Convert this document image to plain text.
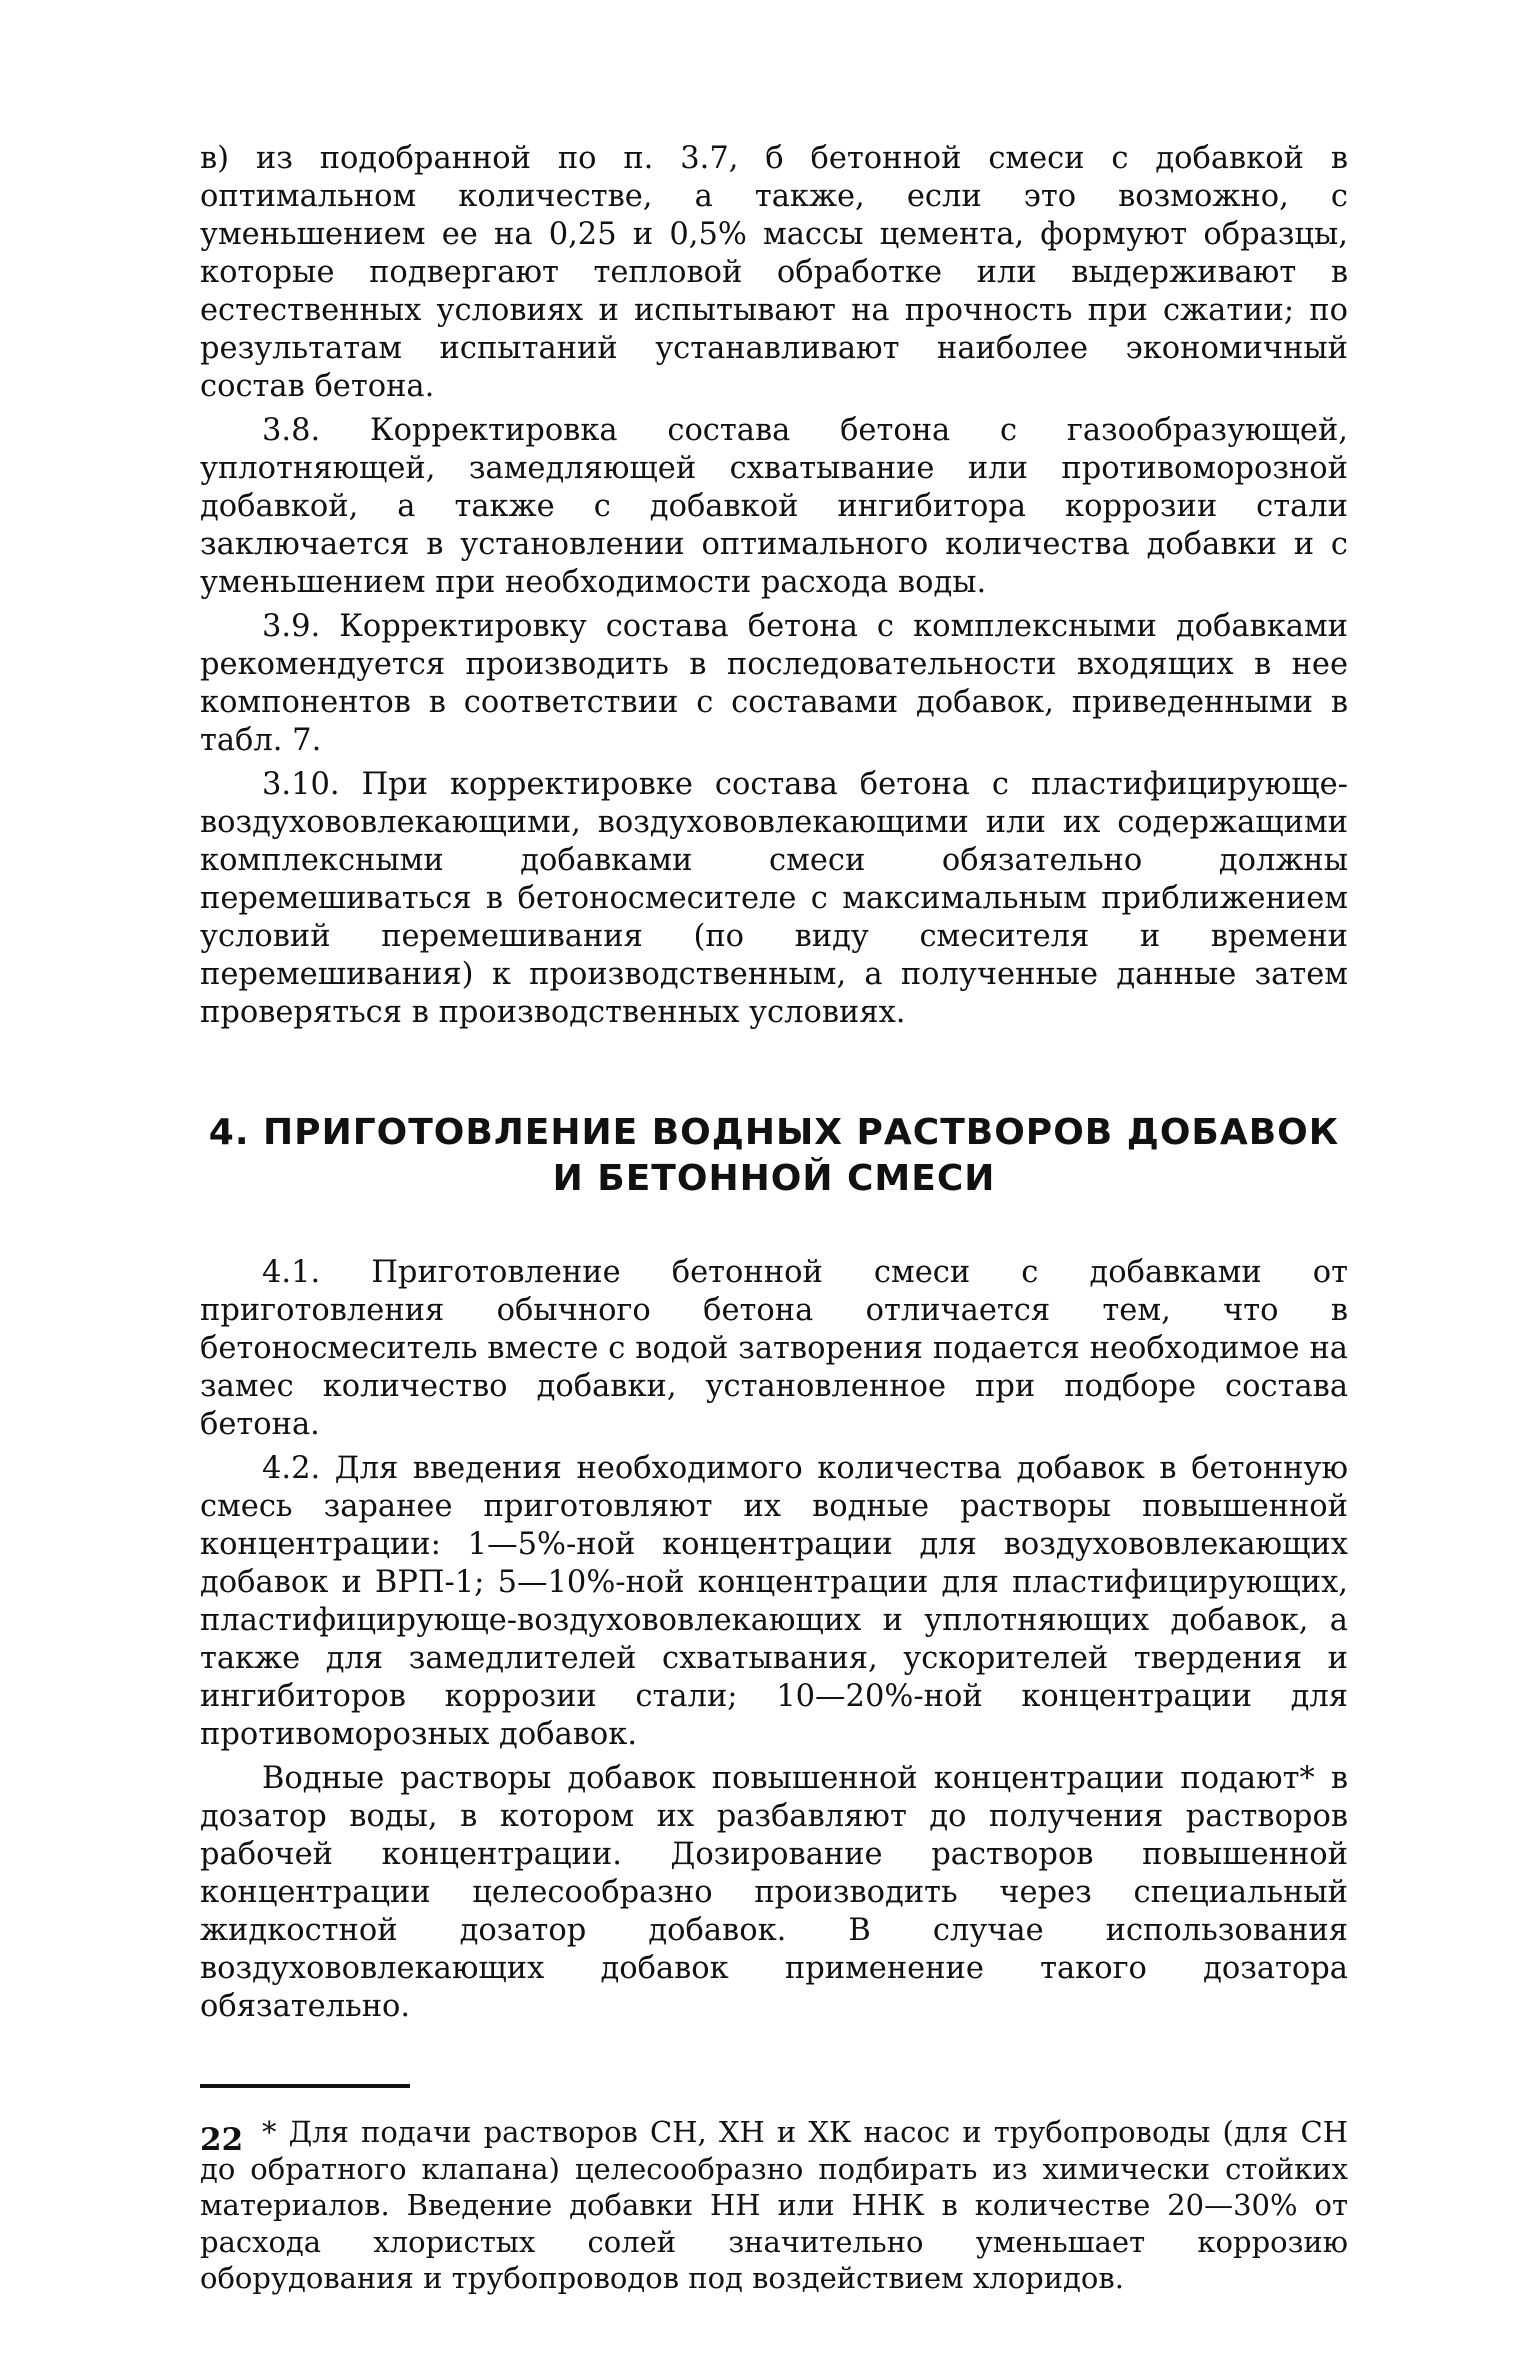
в) из подобранной по п. 3.7, б бетонной смеси с добавкой в оптимальном количестве, а также, если это возможно, с уменьшением ее на 0,25 и 0,5% массы цемента, формуют образцы, которые подвергают тепловой обработке или выдерживают в естественных условиях и испытывают на прочность при сжатии; по результатам испытаний устанавливают наиболее экономичный состав бетона.

3.8. Корректировка состава бетона с газообразующей, уплотняющей, замедляющей схватывание или противоморозной добавкой, а также с добавкой ингибитора коррозии стали заключается в установлении оптимального количества добавки и с уменьшением при необходимости расхода воды.

3.9. Корректировку состава бетона с комплексными добавками рекомендуется производить в последовательности входящих в нее компонентов в соответствии с составами добавок, приведенными в табл. 7.

3.10. При корректировке состава бетона с пластифицирующе-воздухововлекающими, воздухововлекающими или их содержащими комплексными добавками смеси обязательно должны перемешиваться в бетоносмесителе с максимальным приближением условий перемешивания (по виду смесителя и времени перемешивания) к производственным, а полученные данные затем проверяться в производственных условиях.

4. ПРИГОТОВЛЕНИЕ ВОДНЫХ РАСТВОРОВ ДОБАВОК
И БЕТОННОЙ СМЕСИ

4.1. Приготовление бетонной смеси с добавками от приготовления обычного бетона отличается тем, что в бетоносмеситель вместе с водой затворения подается необходимое на замес количество добавки, установленное при подборе состава бетона.

4.2. Для введения необходимого количества добавок в бетонную смесь заранее приготовляют их водные растворы повышенной концентрации: 1—5%-ной концентрации для воздухововлекающих добавок и ВРП-1; 5—10%-ной концентрации для пластифицирующих, пластифицирующе-воздухововлекающих и уплотняющих добавок, а также для замедлителей схватывания, ускорителей твердения и ингибиторов коррозии стали; 10—20%-ной концентрации для противоморозных добавок.

Водные растворы добавок повышенной концентрации подают* в дозатор воды, в котором их разбавляют до получения растворов рабочей концентрации. Дозирование растворов повышенной концентрации целесообразно производить через специальный жидкостной дозатор добавок. В случае использования воздухововлекающих добавок применение такого дозатора обязательно.

* Для подачи растворов СН, ХН и ХК насос и трубопроводы (для СН до обратного клапана) целесообразно подбирать из химически стойких материалов. Введение добавки НН или ННК в количестве 20—30% от расхода хлористых солей значительно уменьшает коррозию оборудования и трубопроводов под воздействием хлоридов.

22
